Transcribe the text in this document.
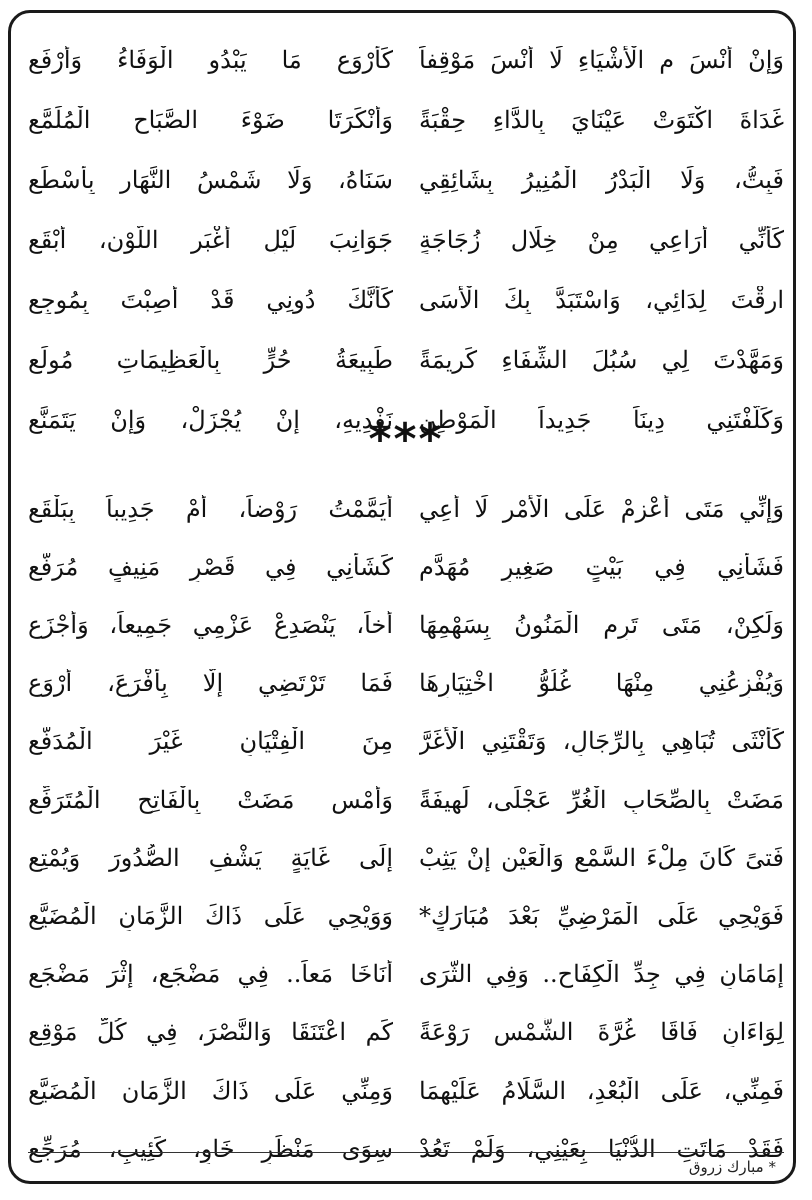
وَإِنْ أَنْسَ مِ الْأَشْيَاءِ لَا أَنْسَ مَوْقِفاً
كَأَرْوَعِ مَا يَبْدُو الْوَفَاءُ وَأَرْفَعِ
غَدَاةَ اكْتَوَتْ عَيْنَايَ بِالدَّاءِ حِقْبَةً
وَأَنْكَرَتَا ضَوْءَ الصَّبَاحِ الْمُلَمَّعِ
فَبِتُّ، وَلَا الْبَدْرُ الْمُنِيرُ بِشَائِقِي
سَنَاهُ، وَلَا شَمْسُ النَّهَارِ بِأَسْطَعِ
كَأَنِّي أُرَاعِي مِنْ خِلَالِ زُجَاجَةٍ
جَوَانِبَ لَيْلٍ أَغْبَرِ اللَّوْنِ، أَبْقَعِ
ارِقْتَ لِدَائِي، وَاسْتَبَدَّ بِكَ الْأَسَى
كَأَنَّكَ دُونِي قَدْ أُصِبْتَ بِمُوجِعِ
وَمَهَّدْتَ لِي سُبُلَ الشِّفَاءِ كَرِيمَةً
طَبِيعَةُ حُرٍّ بِالْعَظِيمَاتِ مُولَعِ
وَكَلَّفْتَنِي دِينَاً جَدِيداً الْمَوْطِنِ
نَفْدِيهِ، إِنْ يُجْزَلْ، وَإِنْ يَتَمَنَّعِ
***
وَإِنِّي مَتَى أَعْزِمْ عَلَى الْأَمْرِ لَا أَعِي
أَيَمَّمْتُ رَوْضاً، أَمْ جَدِيباً بِبَلْقَعِ
فَشَأْنِي فِي بَيْتٍ صَغِيرٍ مُهَدَّمٍ
كَشَأْنِي فِي قَصْرٍ مَنِيفٍ مُرَفَّعِ
وَلَكِنْ، مَتَى تَرِمِ الْمَنُونُ بِسَهْمِهَا
أَخاً، يَنْصَدِعْ عَزْمِي جَمِيعاً، وَأَجْزَعِ
وَيُفْزِعُنِي مِنْهَا غُلُوُّ اخْتِيَارِهَا
فَمَا تَرْتَضِي إِلَّا بِأَفْرَعَ، أَرْوَعِ
كَأُنْثَى تُبَاهِي بِالرِّجَالِ، وَتَقْتَنِي الْأَغَرَّ
مِنَ الْفِتْيَانِ غَيْرَ الْمُدَفَّعِ
مَضَتْ بِالصِّحَابِ الْغُرِّ عَجْلَى، لَهِيفَةً
وَأَمْسِ مَضَتْ بِالْفَاتِحِ الْمُتَرَفِّعِ
فَتىً كَانَ مِلْءَ السَّمْعِ وَالْعَيْنِ إِنْ يَثِبْ
إِلَى غَايَةٍ يَشْفِ الصُّدُورَ وَيُمْتِعِ
فَوَيْحِي عَلَى الْمَرْضِيِّ بَعْدَ مُبَارَكٍ*
وَوَيْحِي عَلَى ذَاكَ الزَّمَانِ الْمُضَيَّعِ
إِمَامَانِ فِي جِدِّ الْكِفَاحِ.. وَفِي الثَّرَى
أَنَاخَا مَعاً.. فِي مَضْجَعٍ، إِثْرَ مَضْجَعِ
لِوَاءَانِ فَاقَا غُرَّةَ الشَّمْسِ رَوْعَةً
كَمِ اعْتَنَقَا وَالنَّصْرَ، فِي كُلِّ مَوْقِعِ
فَمِنِّي، عَلَى الْبُعْدِ، السَّلَامُ عَلَيْهِمَا
وَمِنِّي عَلَى ذَاكَ الزَّمَانِ الْمُضَيَّعِ
فَقَدْ مَاتَتِ الدُّنْيَا بِعَيْنِي، وَلَمْ تَعُدْ
سِوَى مَنْظَرٍ خَاوٍ، كَئِيبٍ، مُرَجِّعِ
* مبارك زروق
